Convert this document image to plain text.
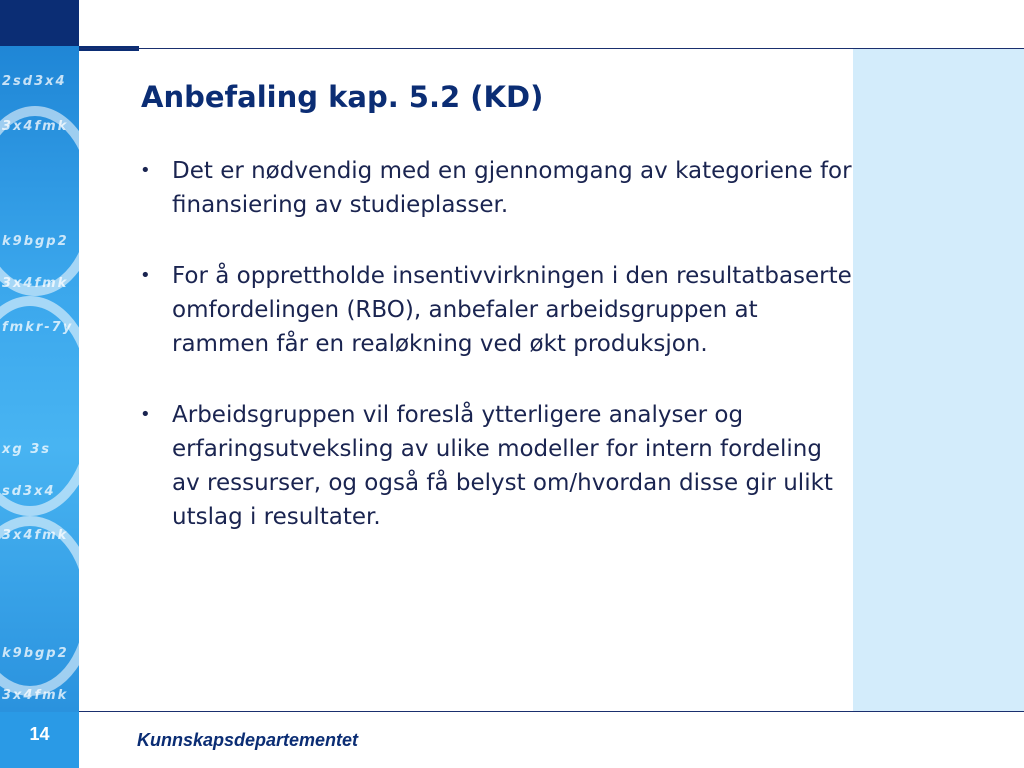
2sd3x4
3x4fmk
k9bgp2
3x4fmk
fmkr-7y
xg 3s
sd3x4
3x4fmk
k9bgp2
3x4fmk
Anbefaling kap. 5.2 (KD)
• Det er nødvendig med en gjennomgang av kategoriene for finansiering av studieplasser.
• For å opprettholde insentivvirkningen i den resultatbaserte omfordelingen (RBO), anbefaler arbeidsgruppen at rammen får en realøkning ved økt produksjon.
• Arbeidsgruppen vil foreslå ytterligere analyser og erfaringsutveksling av ulike modeller for intern fordeling av ressurser, og også få belyst om/hvordan disse gir ulikt utslag i resultater.
14	Kunnskapsdepartementet
